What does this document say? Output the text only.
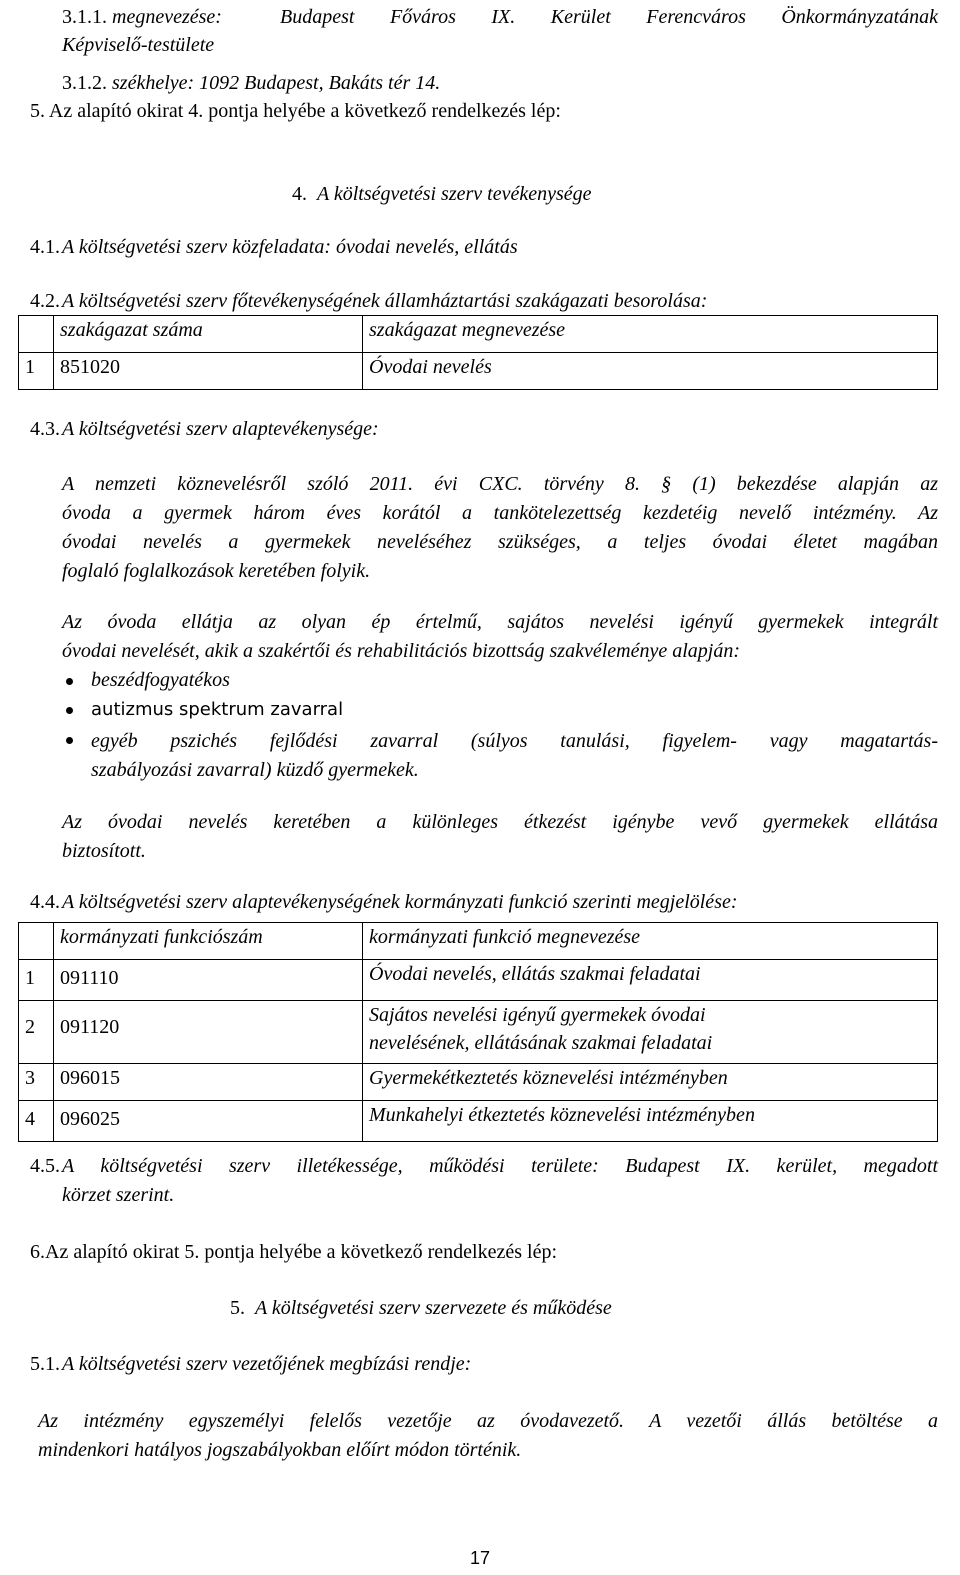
3.1.1. megnevezése:	Budapest Főváros IX. Kerület Ferencváros Önkormányzatának
Képviselő-testülete
3.1.2. székhelye: 1092 Budapest, Bakáts tér 14.
5. Az alapító okirat 4. pontja helyébe a következő rendelkezés lép:
4. A költségvetési szerv tevékenysége
4.1. A költségvetési szerv közfeladata: óvodai nevelés, ellátás
4.2. A költségvetési szerv főtevékenységének államháztartási szakágazati besorolása:
	szakágazat száma	szakágazat megnevezése
1	851020	Óvodai nevelés
4.3. A költségvetési szerv alaptevékenysége:
A nemzeti köznevelésről szóló 2011. évi CXC. törvény 8. § (1) bekezdése alapján az
óvoda a gyermek három éves korától a tankötelezettség kezdetéig nevelő intézmény. Az
óvodai nevelés a gyermekek neveléséhez szükséges, a teljes óvodai életet magában
foglaló foglalkozások keretében folyik.
Az óvoda ellátja az olyan ép értelmű, sajátos nevelési igényű gyermekek integrált
óvodai nevelését, akik a szakértői és rehabilitációs bizottság szakvéleménye alapján:
beszédfogyatékos
autizmus spektrum zavarral
egyéb pszichés fejlődési zavarral (súlyos tanulási, figyelem- vagy magatartás-
szabályozási zavarral) küzdő gyermekek.
Az óvodai nevelés keretében a különleges étkezést igénybe vevő gyermekek ellátása
biztosított.
4.4. A költségvetési szerv alaptevékenységének kormányzati funkció szerinti megjelölése:
	kormányzati funkciószám	kormányzati funkció megnevezése
1	091110	Óvodai nevelés, ellátás szakmai feladatai
2	091120	Sajátos nevelési igényű gyermekek óvodai
nevelésének, ellátásának szakmai feladatai

3	096015	Gyermekétkeztetés köznevelési intézményben
4	096025	Munkahelyi étkeztetés köznevelési intézményben
4.5. A költségvetési szerv illetékessége, működési területe: Budapest IX. kerület, megadott
körzet szerint.
6.Az alapító okirat 5. pontja helyébe a következő rendelkezés lép:
5. A költségvetési szerv szervezete és működése
5.1. A költségvetési szerv vezetőjének megbízási rendje:
Az intézmény egyszemélyi felelős vezetője az óvodavezető. A vezetői állás betöltése a
mindenkori hatályos jogszabályokban előírt módon történik.
17
